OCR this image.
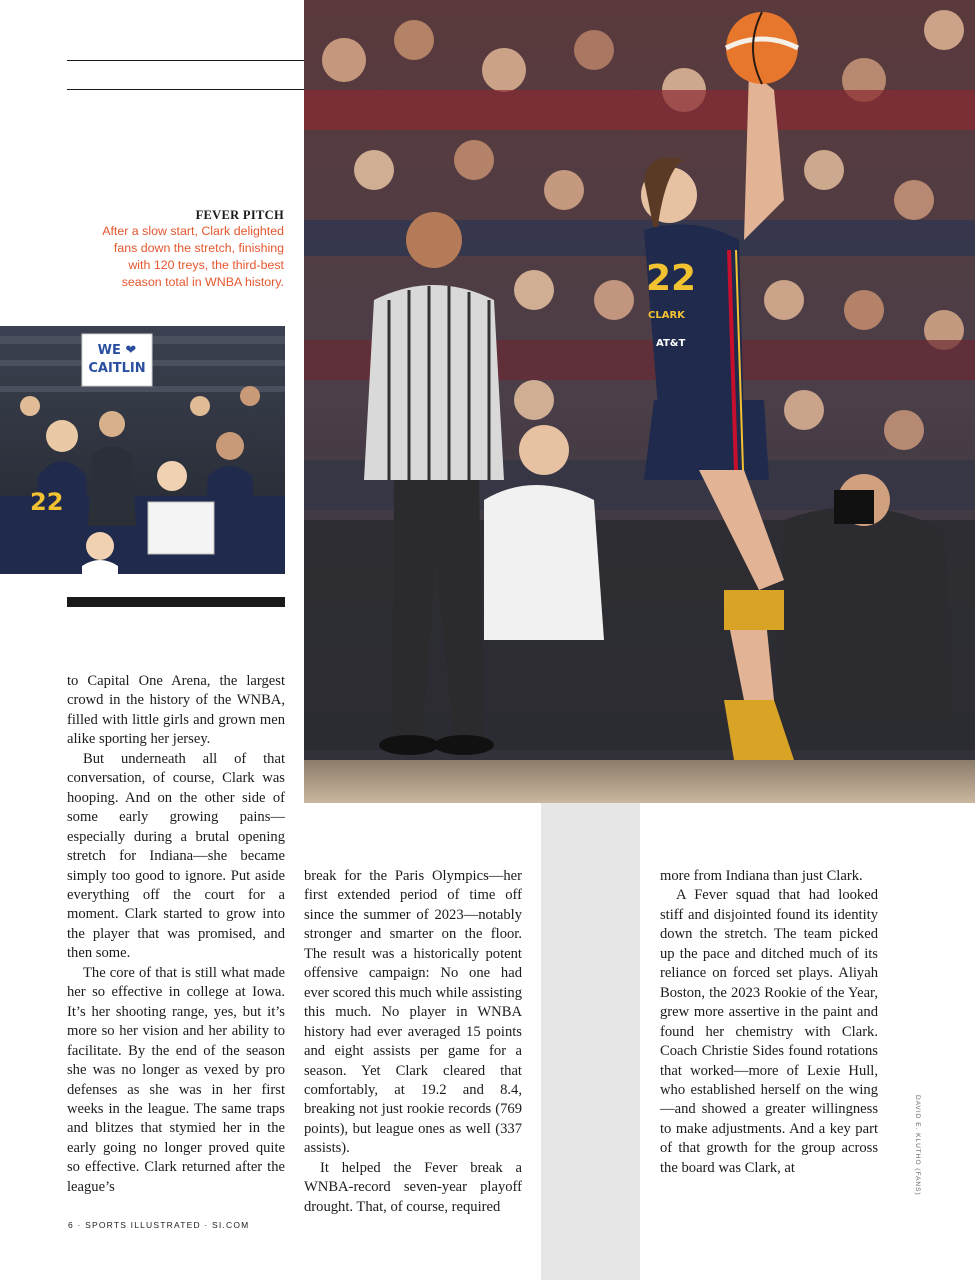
FEVER PITCH
After a slow start, Clark delighted fans down the stretch, finishing with 120 treys, the third-best season total in WNBA history.
WE ❤ CAITLIN
22
22
CLARK
AT&T

to Capital One Arena, the largest crowd in the history of the WNBA, filled with little girls and grown men alike sporting her jersey.

But underneath all of that conversation, of course, Clark was hooping. And on the other side of some early growing pains—especially during a brutal opening stretch for Indiana—she became simply too good to ignore. Put aside everything off the court for a moment. Clark started to grow into the player that was promised, and then some.

The core of that is still what made her so effective in college at Iowa. It’s her shooting range, yes, but it’s more so her vision and her ability to facilitate. By the end of the season she was no longer as vexed by pro defenses as she was in her first weeks in the league. The same traps and blitzes that stymied her in the early going no longer proved quite so effective. Clark returned after the league’s

break for the Paris Olympics—her first extended period of time off since the summer of 2023—notably stronger and smarter on the floor. The result was a historically potent offensive campaign: No one had ever scored this much while assisting this much. No player in WNBA history had ever averaged 15 points and eight assists per game for a season. Yet Clark cleared that comfortably, at 19.2 and 8.4, breaking not just rookie records (769 points), but league ones as well (337 assists).

It helped the Fever break a WNBA-record seven-year playoff drought. That, of course, required

more from Indiana than just Clark.

A Fever squad that had looked stiff and disjointed found its identity down the stretch. The team picked up the pace and ditched much of its reliance on forced set plays. Aliyah Boston, the 2023 Rookie of the Year, grew more assertive in the paint and found her chemistry with Clark. Coach Christie Sides found rotations that worked—more of Lexie Hull, who established herself on the wing—and showed a greater willingness to make adjustments. And a key part of that growth for the group across the board was Clark, at	DAVID E. KLUTHO (FANS)
6 · SPORTS ILLUSTRATED · SI.COM
